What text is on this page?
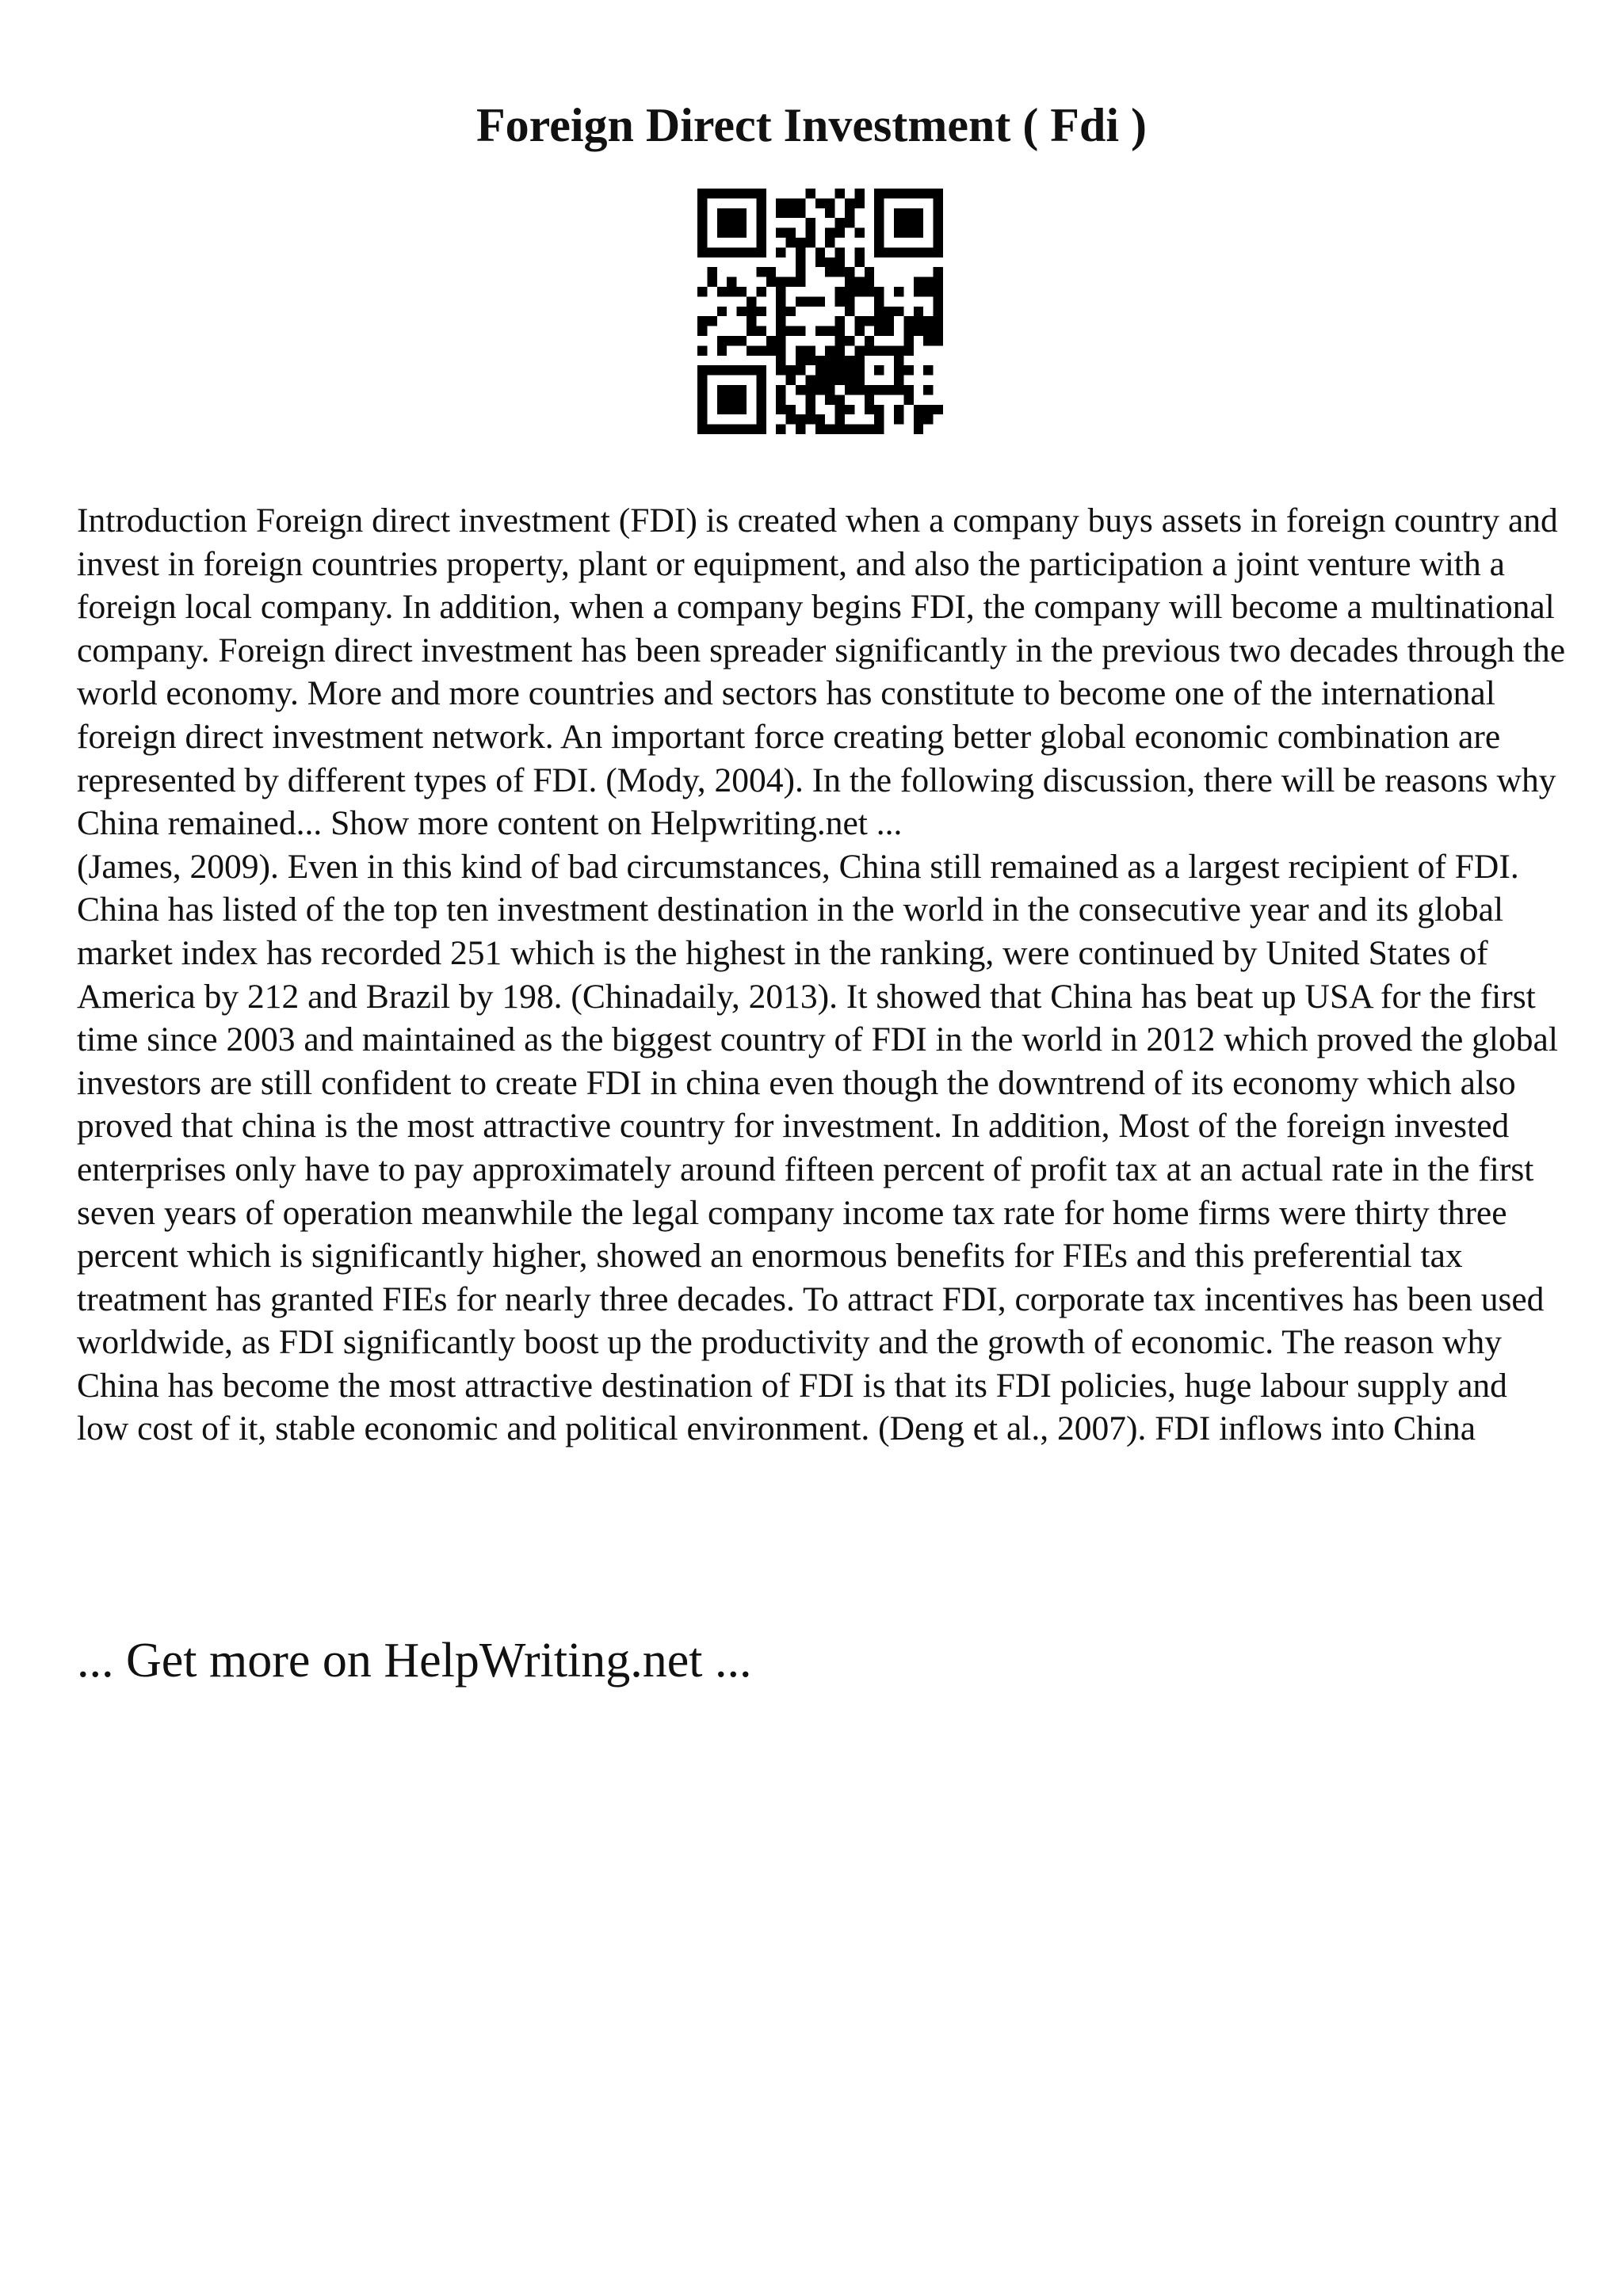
Foreign Direct Investment ( Fdi )

Introduction Foreign direct investment (FDI) is created when a company buys assets in foreign country and invest in foreign countries property, plant or equipment, and also the participation a joint venture with a foreign local company. In addition, when a company begins FDI, the company will become a multinational company. Foreign direct investment has been spreader significantly in the previous two decades through the world economy. More and more countries and sectors has constitute to become one of the international foreign direct investment network. An important force creating better global economic combination are represented by different types of FDI. (Mody, 2004). In the following discussion, there will be reasons why China remained... Show more content on Helpwriting.net ...

(James, 2009). Even in this kind of bad circumstances, China still remained as a largest recipient of FDI. China has listed of the top ten investment destination in the world in the consecutive year and its global market index has recorded 251 which is the highest in the ranking, were continued by United States of America by 212 and Brazil by 198. (Chinadaily, 2013). It showed that China has beat up USA for the first time since 2003 and maintained as the biggest country of FDI in the world in 2012 which proved the global investors are still confident to create FDI in china even though the downtrend of its economy which also proved that china is the most attractive country for investment. In addition, Most of the foreign invested enterprises only have to pay approximately around fifteen percent of profit tax at an actual rate in the first seven years of operation meanwhile the legal company income tax rate for home firms were thirty three percent which is significantly higher, showed an enormous benefits for FIEs and this preferential tax treatment has granted FIEs for nearly three decades. To attract FDI, corporate tax incentives has been used worldwide, as FDI significantly boost up the productivity and the growth of economic. The reason why China has become the most attractive destination of FDI is that its FDI policies, huge labour supply and low cost of it, stable economic and political environment. (Deng et al., 2007). FDI inflows into China

... Get more on HelpWriting.net ...
